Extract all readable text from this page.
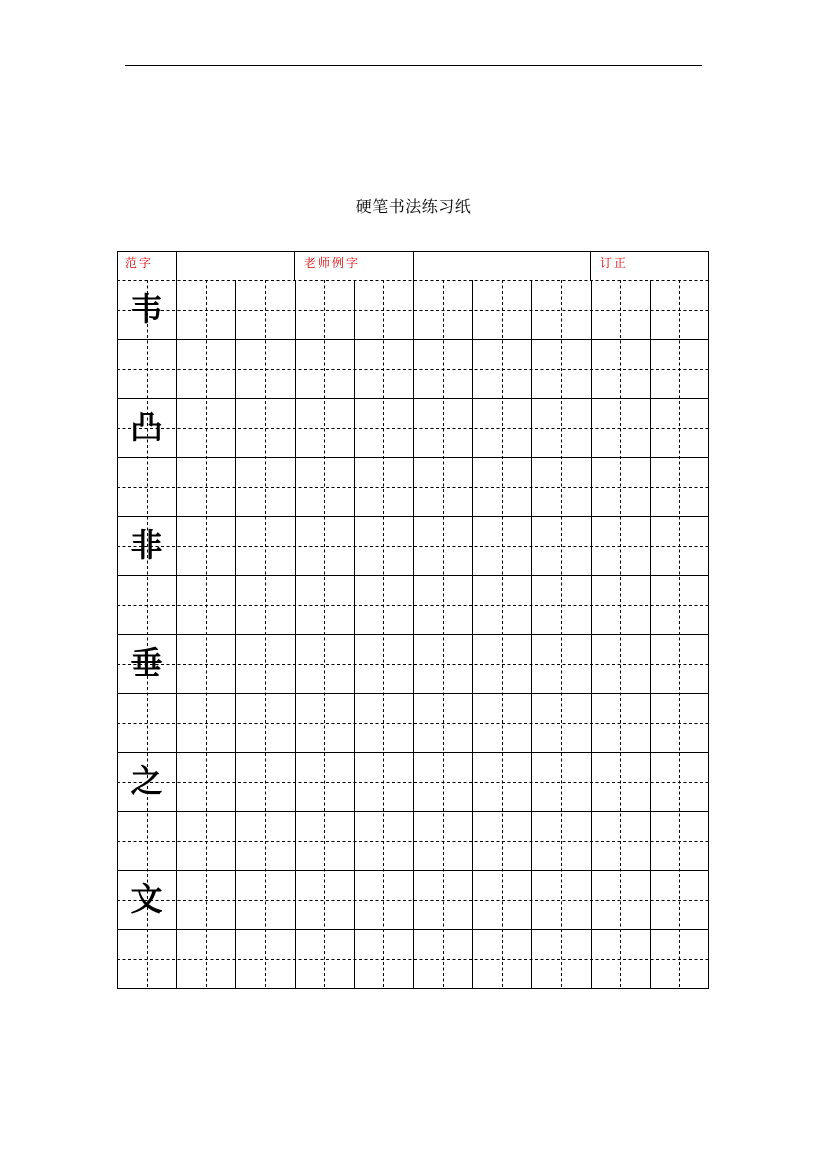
硬笔书法练习纸
范字	老师例字	订正
韦
凸
非
垂
之
文
